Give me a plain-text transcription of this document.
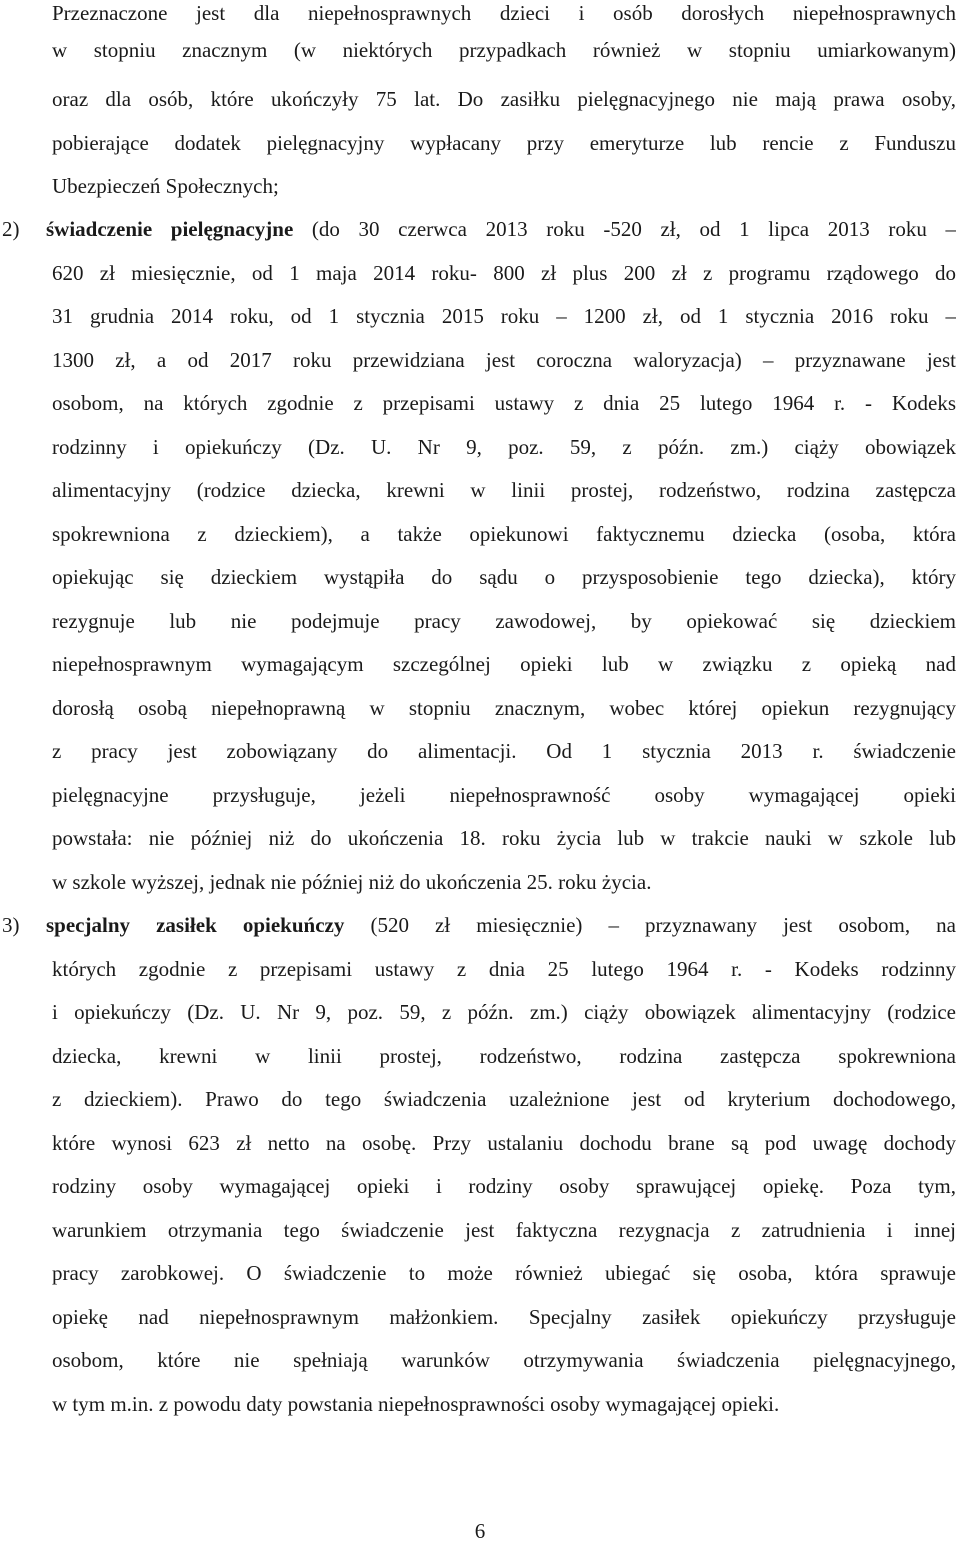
Przeznaczone jest dla niepełnosprawnych dzieci i osób dorosłych niepełnosprawnych
w stopniu znacznym (w niektórych przypadkach również w stopniu umiarkowanym)
oraz dla osób, które ukończyły 75 lat. Do zasiłku pielęgnacyjnego nie mają prawa osoby,
pobierające dodatek pielęgnacyjny wypłacany przy emeryturze lub rencie z Funduszu
Ubezpieczeń Społecznych;
2) świadczenie pielęgnacyjne (do 30 czerwca 2013 roku -520 zł, od 1 lipca 2013 roku –
620 zł miesięcznie, od 1 maja 2014 roku- 800 zł plus 200 zł z programu rządowego do
31 grudnia 2014 roku, od 1 stycznia 2015 roku – 1200 zł, od 1 stycznia 2016 roku –
1300 zł, a od 2017 roku przewidziana jest coroczna waloryzacja) – przyznawane jest
osobom, na których zgodnie z przepisami ustawy z dnia 25 lutego 1964 r. - Kodeks
rodzinny i opiekuńczy (Dz. U. Nr 9, poz. 59, z późn. zm.) ciąży obowiązek
alimentacyjny (rodzice dziecka, krewni w linii prostej, rodzeństwo, rodzina zastępcza
spokrewniona z dzieckiem), a także opiekunowi faktycznemu dziecka (osoba, która
opiekując się dzieckiem wystąpiła do sądu o przysposobienie tego dziecka), który
rezygnuje lub nie podejmuje pracy zawodowej, by opiekować się dzieckiem
niepełnosprawnym wymagającym szczególnej opieki lub w związku z opieką nad
dorosłą osobą niepełnoprawną w stopniu znacznym, wobec której opiekun rezygnujący
z pracy jest zobowiązany do alimentacji. Od 1 stycznia 2013 r. świadczenie
pielęgnacyjne przysługuje, jeżeli niepełnosprawność osoby wymagającej opieki
powstała: nie później niż do ukończenia 18. roku życia lub w trakcie nauki w szkole lub
w szkole wyższej, jednak nie później niż do ukończenia 25. roku życia.
3) specjalny zasiłek opiekuńczy (520 zł miesięcznie) – przyznawany jest osobom, na
których zgodnie z przepisami ustawy z dnia 25 lutego 1964 r. - Kodeks rodzinny
i opiekuńczy (Dz. U. Nr 9, poz. 59, z późn. zm.) ciąży obowiązek alimentacyjny (rodzice
dziecka, krewni w linii prostej, rodzeństwo, rodzina zastępcza spokrewniona
z dzieckiem). Prawo do tego świadczenia uzależnione jest od kryterium dochodowego,
które wynosi 623 zł netto na osobę. Przy ustalaniu dochodu brane są pod uwagę dochody
rodziny osoby wymagającej opieki i rodziny osoby sprawującej opiekę. Poza tym,
warunkiem otrzymania tego świadczenie jest faktyczna rezygnacja z zatrudnienia i innej
pracy zarobkowej. O świadczenie to może również ubiegać się osoba, która sprawuje
opiekę nad niepełnosprawnym małżonkiem. Specjalny zasiłek opiekuńczy przysługuje
osobom, które nie spełniają warunków otrzymywania świadczenia pielęgnacyjnego,
w tym m.in. z powodu daty powstania niepełnosprawności osoby wymagającej opieki.
6
